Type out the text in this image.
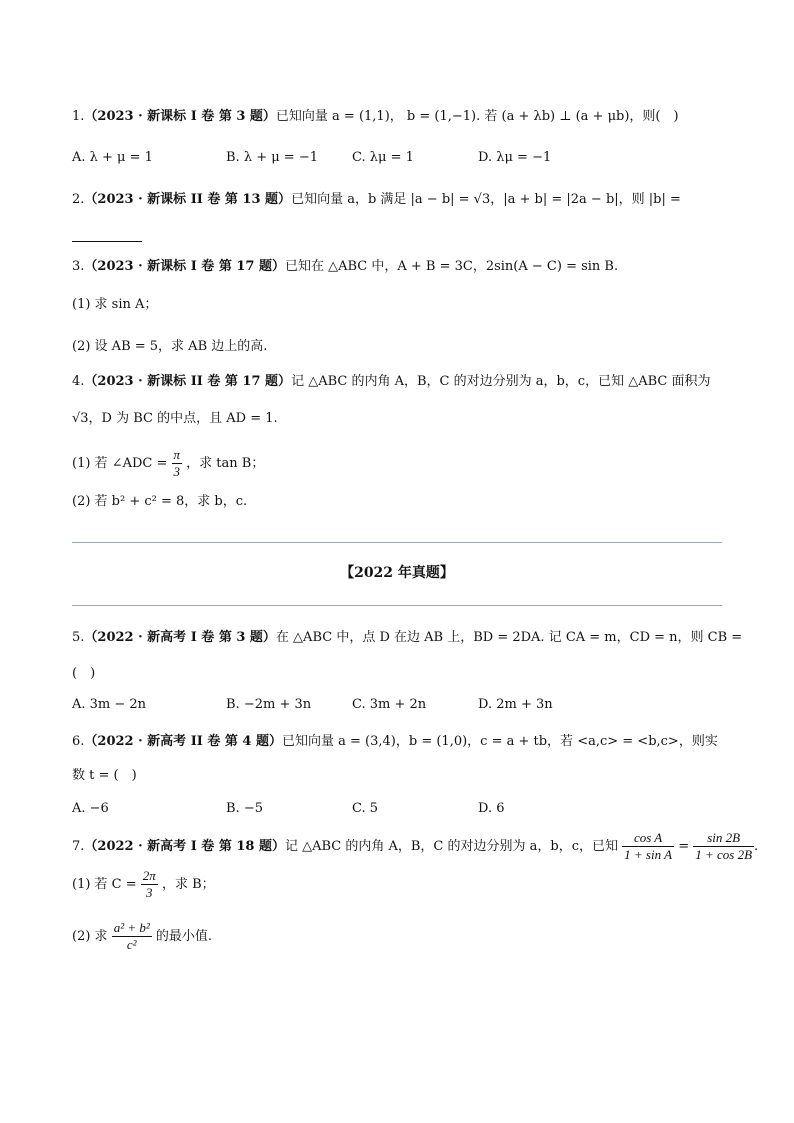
1.（2023 · 新课标 I 卷 第 3 题）已知向量 a = (1,1)， b = (1,−1). 若 (a + λb) ⊥ (a + μb)，则(　)
A. λ + μ = 1	B. λ + μ = −1	C. λμ = 1	D. λμ = −1
2.（2023 · 新课标 II 卷 第 13 题）已知向量 a，b 满足 |a − b| = √3，|a + b| = |2a − b|，则 |b| =
3.（2023 · 新课标 I 卷 第 17 题）已知在 △ABC 中，A + B = 3C，2sin(A − C) = sin B.
(1) 求 sin A；
(2) 设 AB = 5，求 AB 边上的高.
4.（2023 · 新课标 II 卷 第 17 题）记 △ABC 的内角 A，B，C 的对边分别为 a，b，c，已知 △ABC 面积为
√3，D 为 BC 的中点，且 AD = 1.
(1) 若 ∠ADC = $\frac{\pi}{3}$ ，求 tan B；
(2) 若 b² + c² = 8，求 b，c.
【2022 年真题】
5.（2022 · 新高考 I 卷 第 3 题）在 △ABC 中，点 D 在边 AB 上，BD = 2DA. 记 CA = m，CD = n，则 CB =
(　)
A. 3m − 2n	B. −2m + 3n	C. 3m + 2n	D. 2m + 3n
6.（2022 · 新高考 II 卷 第 4 题）已知向量 a = (3,4)，b = (1,0)，c = a + tb，若 <a,c> = <b,c>，则实
数 t = (　)
A. −6	B. −5	C. 5	D. 6
7.（2022 · 新高考 I 卷 第 18 题）记 △ABC 的内角 A，B，C 的对边分别为 a，b，c，已知 $\frac{\text{cos A}}{\text{1 + sin A}} = \frac{\sin 2B}{1 + \cos 2B}$ .
(1) 若 $C = \frac{2\pi}{3}$ ，求 B；
(2) 求 $\frac{\text{a² + b²}}{\text{c²}}$ 的最小值.
